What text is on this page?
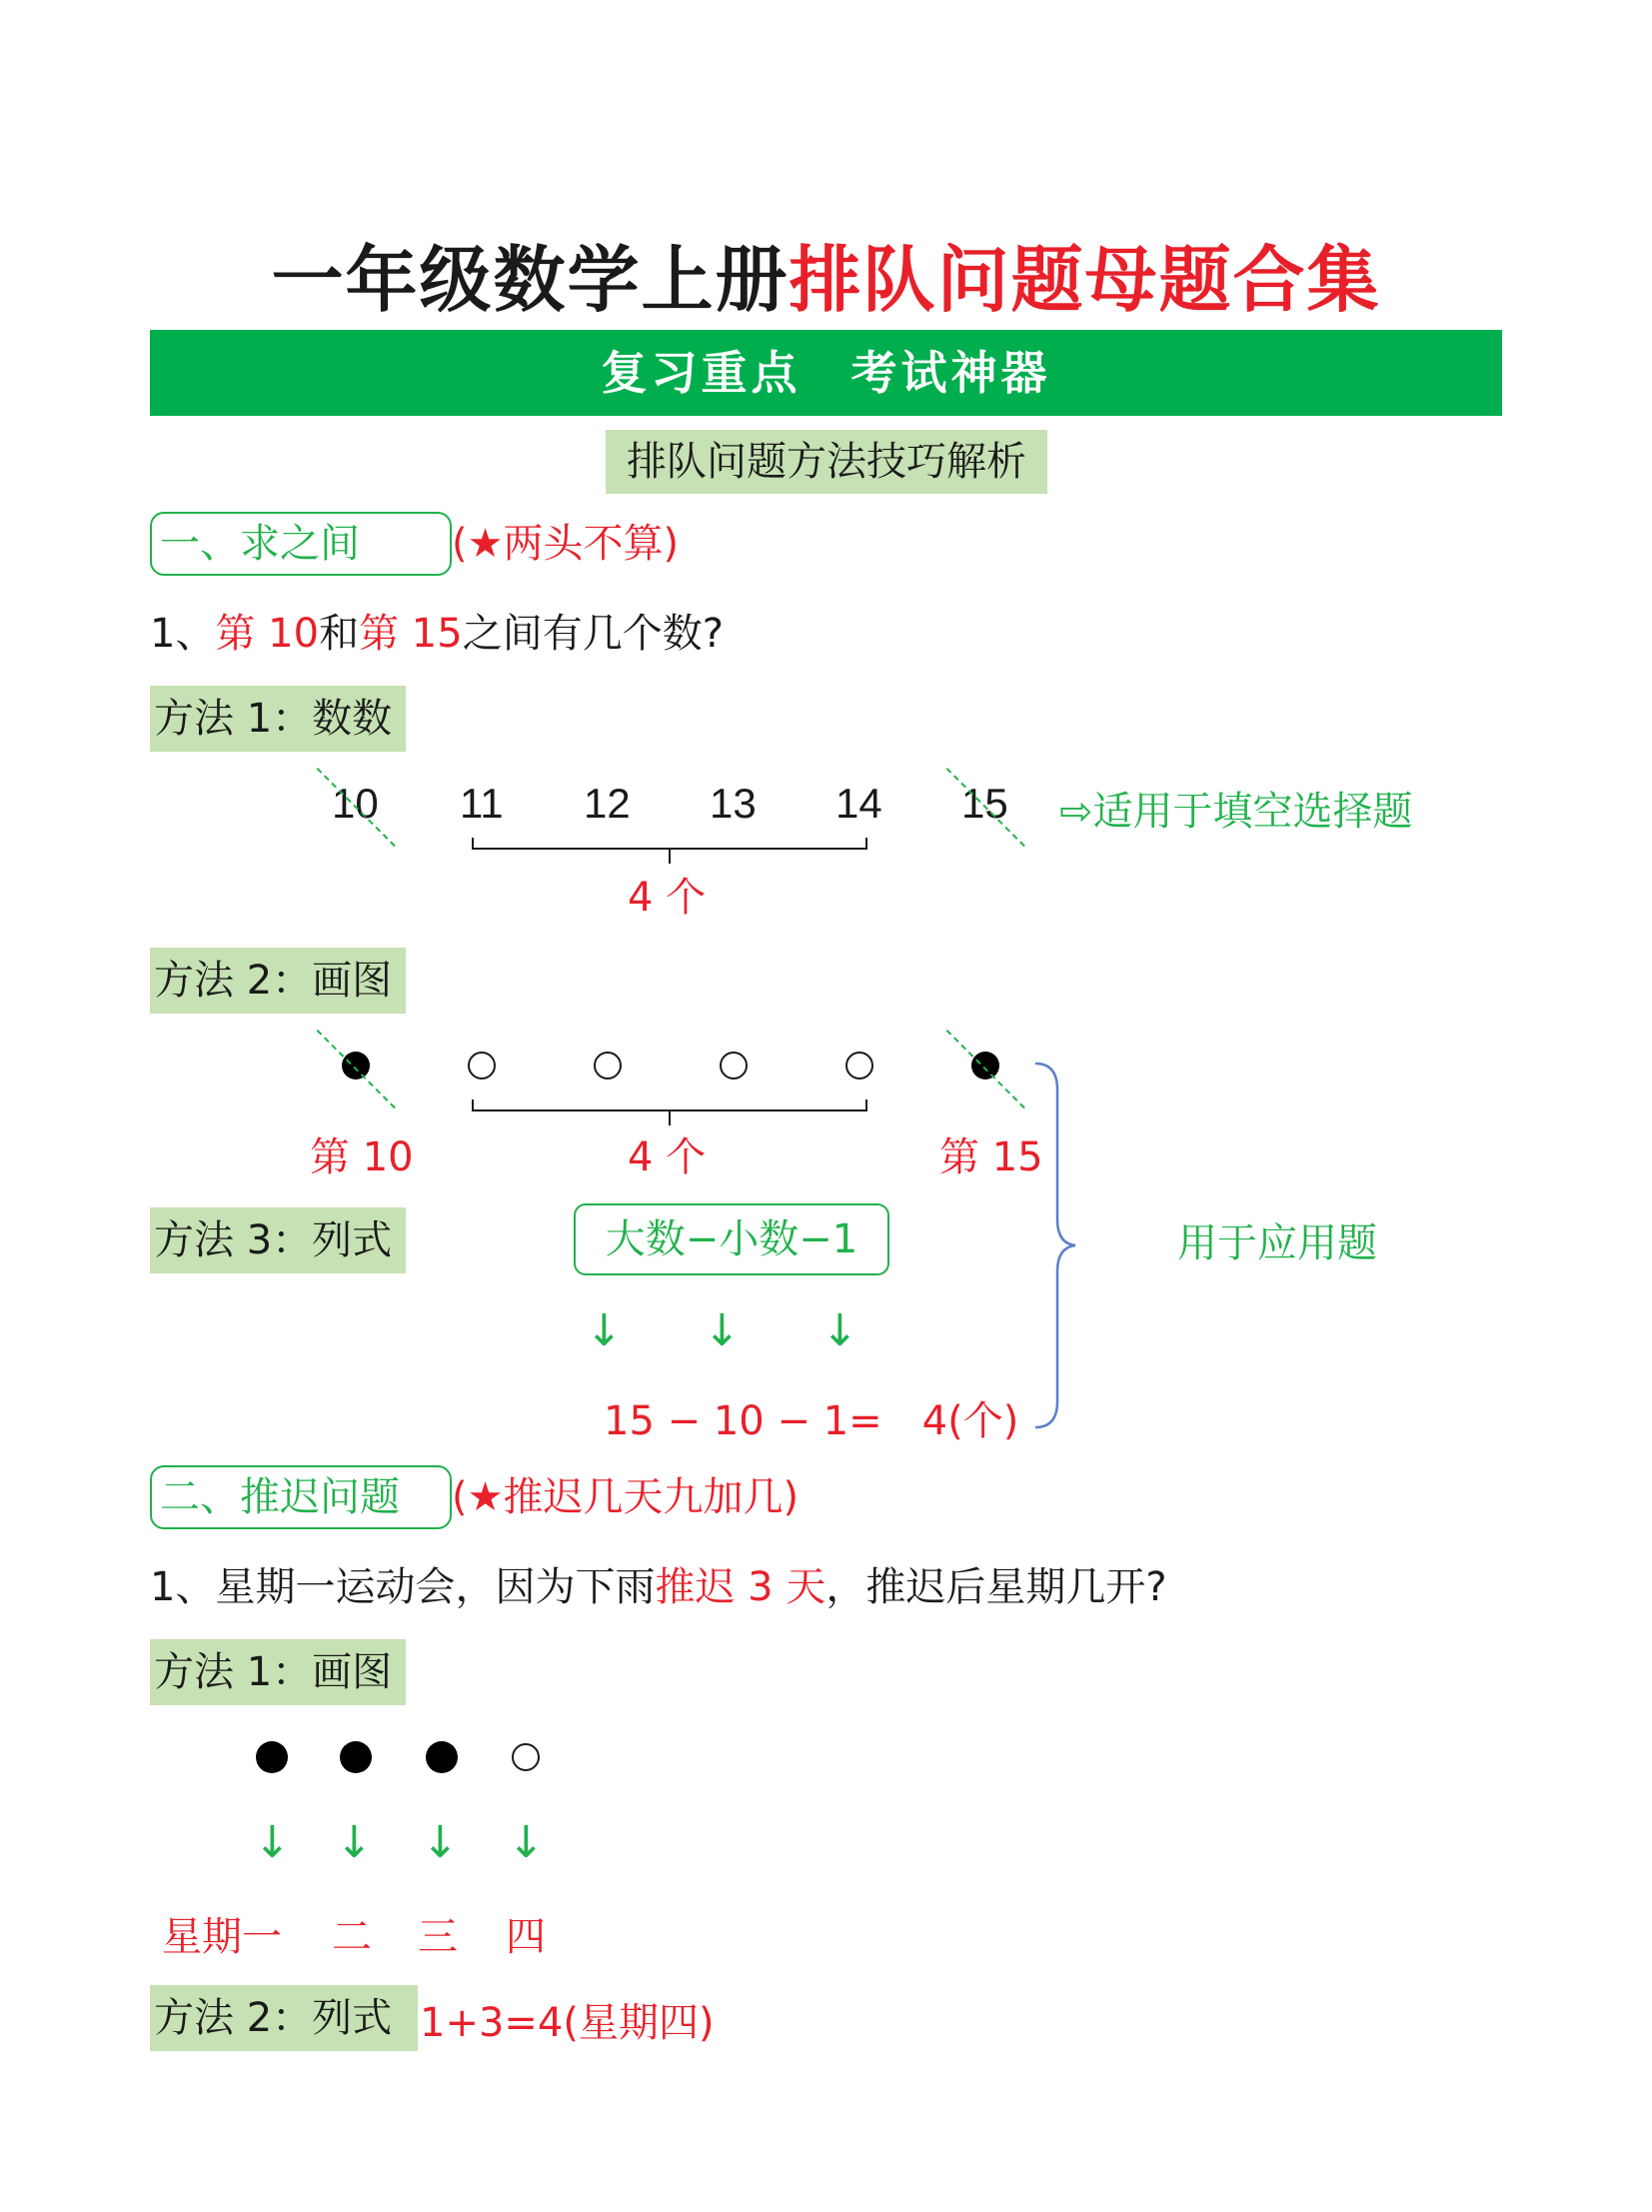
一年级数学上册排队问题母题合集
复习重点　考试神器
排队问题方法技巧解析
一、求之间	(★两头不算)
1、第 10和第 15之间有几个数?
方法 1：数数
10 11 12 13 14 15
4 个
⇨适用于填空选择题
方法 2：画图
第 10	4 个	第 15
方法 3：列式	大数−小数−1
↓ ↓ ↓
15 − 10 − 1=　4(个)
用于应用题
二、推迟问题	(★推迟几天九加几)
1、星期一运动会，因为下雨推迟 3 天，推迟后星期几开?
方法 1：画图
↓ ↓ ↓ ↓
星期一 二 三 四
方法 2：列式 1+3=4(星期四)
